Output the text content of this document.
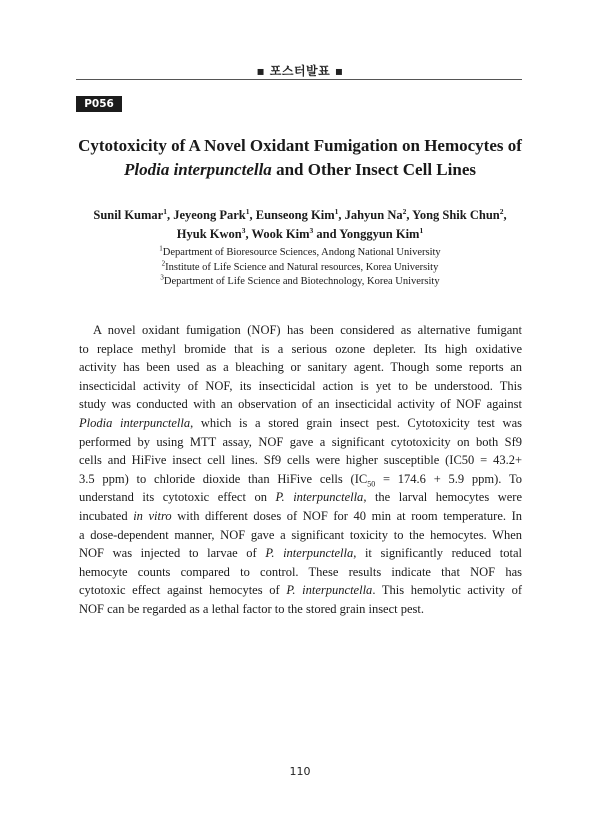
▪ 포스터발표 ▪
P056
Cytotoxicity of A Novel Oxidant Fumigation on Hemocytes of
Plodia interpunctella and Other Insect Cell Lines
Sunil Kumar$^1$, Jeyeong Park$^1$, Eunseong Kim$^1$, Jahyun Na$^2$, Yong Shik Chun$^2$,
Hyuk Kwon$^3$, Wook Kim$^3$ and Yonggyun Kim$^1$
$^1$Department of Bioresource Sciences, Andong National University
$^2$Institute of Life Science and Natural resources, Korea University
$^3$Department of Life Science and Biotechnology, Korea University
A novel oxidant fumigation (NOF) has been considered as alternative fumigant
to replace methyl bromide that is a serious ozone depleter. Its high oxidative
activity has been used as a bleaching or sanitary agent. Though some reports an
insecticidal activity of NOF, its insecticidal action is yet to be understood. This
study was conducted with an observation of an insecticidal activity of NOF against
Plodia interpunctella, which is a stored grain insect pest. Cytotoxicity test was
performed by using MTT assay, NOF gave a significant cytotoxicity on both Sf9
cells and HiFive insect cell lines. Sf9 cells were higher susceptible (IC50 = 43.2+
3.5 ppm) to chloride dioxide than HiFive cells ($IC_{50} = 174.6 + 5.9$ ppm). To
understand its cytotoxic effect on P. interpunctella, the larval hemocytes were
incubated in vitro with different doses of NOF for 40 min at room temperature. In
a dose-dependent manner, NOF gave a significant toxicity to the hemocytes. When
NOF was injected to larvae of P. interpunctella, it significantly reduced total
hemocyte counts compared to control. These results indicate that NOF has
cytotoxic effect against hemocytes of P. interpunctella. This hemolytic activity of
NOF can be regarded as a lethal factor to the stored grain insect pest.
110
